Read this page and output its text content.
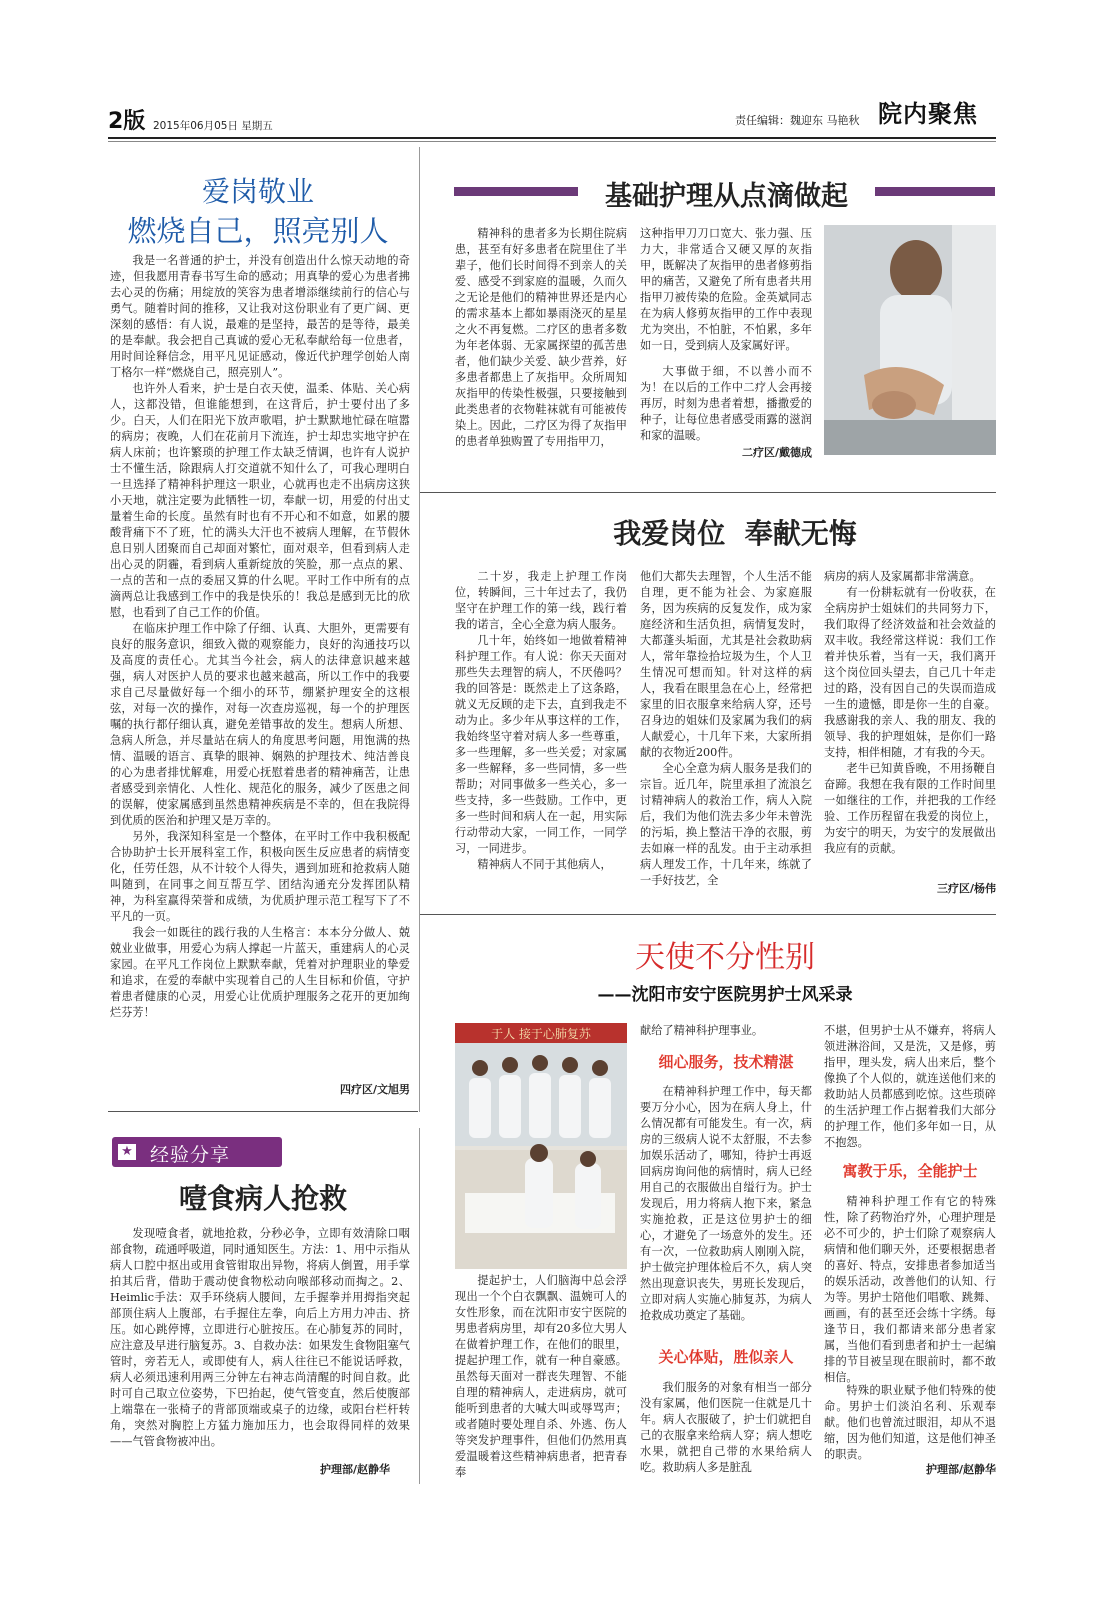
2版 2015年06月05日 星期五	责任编辑：魏迎东 马艳秋 院内聚焦
爱岗敬业
燃烧自己，照亮别人

我是一名普通的护士，并没有创造出什么惊天动地的奇迹，但我愿用青春书写生命的感动；用真挚的爱心为患者拂去心灵的伤痛；用绽放的笑容为患者增添继续前行的信心与勇气。随着时间的推移，又让我对这份职业有了更广阔、更深刻的感悟：有人说，最难的是坚持，最苦的是等待，最美的是奉献。我会把自己真诚的爱心无私奉献给每一位患者，用时间诠释信念，用平凡见证感动，像近代护理学创始人南丁格尔一样“燃烧自己，照亮别人”。

也许外人看来，护士是白衣天使，温柔、体贴、关心病人，这都没错，但谁能想到，在这背后，护士要付出了多少。白天，人们在阳光下放声歌唱，护士默默地忙碌在喧嚣的病房；夜晚，人们在花前月下流连，护士却忠实地守护在病人床前；也许繁琐的护理工作太缺乏情调，也许有人说护士不懂生活，除跟病人打交道就不知什么了，可我心理明白一旦选择了精神科护理这一职业，心就再也走不出病房这狭小天地，就注定要为此牺牲一切，奉献一切，用爱的付出丈量着生命的长度。虽然有时也有不开心和不如意，如累的腰酸背痛下不了班，忙的满头大汗也不被病人理解，在节假休息日别人团聚而自己却面对繁忙，面对艰辛，但看到病人走出心灵的阴霾，看到病人重新绽放的笑脸，那一点点的累、一点的苦和一点的委屈又算的什么呢。平时工作中所有的点滴两总让我感到工作中的我是快乐的！我总是感到无比的欣慰，也看到了自己工作的价值。

在临床护理工作中除了仔细、认真、大胆外，更需要有良好的服务意识，细致入微的观察能力，良好的沟通技巧以及高度的责任心。尤其当今社会，病人的法律意识越来越强，病人对医护人员的要求也越来越高，所以工作中的我要求自己尽量做好每一个细小的环节，绷紧护理安全的这根弦，对每一次的操作，对每一次查房巡视，每一个的护理医嘱的执行都仔细认真，避免差错事故的发生。想病人所想、急病人所急，并尽量站在病人的角度思考问题，用饱满的热情、温暖的语言、真挚的眼神、娴熟的护理技术、纯洁善良的心为患者排忧解难，用爱心抚慰着患者的精神痛苦，让患者感受到亲情化、人性化、规范化的服务，减少了医患之间的误解，使家属感到虽然患精神疾病是不幸的，但在我院得到优质的医治和护理又是万幸的。

另外，我深知科室是一个整体，在平时工作中我积极配合协助护士长开展科室工作，积极向医生反应患者的病情变化，任劳任怨，从不计较个人得失，遇到加班和抢救病人随叫随到，在同事之间互帮互学、团结沟通充分发挥团队精神，为科室赢得荣誉和成绩，为优质护理示范工程写下了不平凡的一页。

我会一如既往的践行我的人生格言：本本分分做人、兢兢业业做事，用爱心为病人撑起一片蓝天，重建病人的心灵家园。在平凡工作岗位上默默奉献，凭着对护理职业的挚爱和追求，在爱的奉献中实现着自己的人生目标和价值，守护着患者健康的心灵，用爱心让优质护理服务之花开的更加绚烂芬芳！

四疗区/文旭男
基础护理从点滴做起
精神科的患者多为长期住院病患，甚至有好多患者在院里住了半辈子，他们长时间得不到亲人的关爱、感受不到家庭的温暖，久而久之无论是他们的精神世界还是内心的需求基本上都如暴雨浇灭的星星之火不再复燃。二疗区的患者多数为年老体弱、无家属探望的孤苦患者，他们缺少关爱、缺少营养，好多患者都患上了灰指甲。众所周知灰指甲的传染性极强，只要接触到此类患者的衣物鞋袜就有可能被传染上。因此，二疗区为得了灰指甲的患者单独购置了专用指甲刀，
这种指甲刀刀口宽大、张力强、压力大，非常适合又硬又厚的灰指甲，既解决了灰指甲的患者修剪指甲的痛苦，又避免了所有患者共用指甲刀被传染的危险。金英斌同志在为病人修剪灰指甲的工作中表现尤为突出，不怕脏，不怕累，多年如一日，受到病人及家属好评。
大事做于细，不以善小而不为！在以后的工作中二疗人会再接再厉，时刻为患者着想，播撒爱的种子，让每位患者感受雨露的滋润和家的温暖。
二疗区/戴德成
我爱岗位  奉献无悔

二十岁，我走上护理工作岗位，转瞬间，三十年过去了，我仍坚守在护理工作的第一线，践行着我的诺言，全心全意为病人服务。

几十年，始终如一地做着精神科护理工作。有人说：你天天面对那些失去理智的病人，不厌倦吗？我的回答是：既然走上了这条路，就义无反顾的走下去，直到我走不动为止。多少年从事这样的工作，我始终坚守着对病人多一些尊重，多一些理解，多一些关爱；对家属多一些解释，多一些同情，多一些帮助；对同事做多一些关心，多一些支持，多一些鼓励。工作中，更多一些时间和病人在一起，用实际行动带动大家，一同工作，一同学习，一同进步。

精神病人不同于其他病人，

他们大都失去理智，个人生活不能自理，更不能为社会、为家庭服务，因为疾病的反复发作，成为家庭经济和生活负担，病情复发时，大都蓬头垢面，尤其是社会救助病人，常年靠捡拾垃圾为生，个人卫生情况可想而知。针对这样的病人，我看在眼里急在心上，经常把家里的旧衣服拿来给病人穿，还号召身边的姐妹们及家属为我们的病人献爱心，十几年下来，大家所捐献的衣物近200件。

全心全意为病人服务是我们的宗旨。近几年，院里承担了流浪乞讨精神病人的救治工作，病人入院后，我们为他们洗去多少年未曾洗的污垢，换上整洁干净的衣服，剪去如麻一样的乱发。由于主动承担病人理发工作，十几年来，练就了一手好技艺，全

病房的病人及家属都非常满意。

有一份耕耘就有一份收获，在全病房护士姐妹们的共同努力下，我们取得了经济效益和社会效益的双丰收。我经常这样说：我们工作着并快乐着，当有一天，我们离开这个岗位回头望去，自己几十年走过的路，没有因自己的失误而造成一生的遗憾，即是你一生的自豪。我感谢我的亲人、我的朋友、我的领导、我的护理姐妹，是你们一路支持，相伴相随，才有我的今天。

老牛已知黄昏晚，不用扬鞭自奋蹄。我想在我有限的工作时间里一如继往的工作，并把我的工作经验、工作历程留在我爱的岗位上，为安宁的明天，为安宁的发展做出我应有的贡献。

三疗区/杨伟
★ 经验分享
噎食病人抢救
发现噎食者，就地抢救，分秒必争，立即有效清除口咽部食物，疏通呼吸道，同时通知医生。方法：1、用中示指从病人口腔中抠出或用食管钳取出异物，将病人倒置，用手掌拍其后背，借助于震动使食物松动向喉部移动而掏之。2、Heimlic手法：双手环绕病人腰间，左手握拳并用拇指突起部顶住病人上腹部，右手握住左拳，向后上方用力冲击、挤压。如心跳停博，立即进行心脏按压。在心肺复苏的同时，应注意及早进行脑复苏。3、自救办法：如果发生食物阻塞气管时，旁若无人，或即使有人，病人往往已不能说话呼救，病人必须迅速利用两三分钟左右神志尚清醒的时间自救。此时可自己取立位姿势，下巴抬起，使气管变直，然后使腹部上端靠在一张椅子的背部顶端或桌子的边缘，或阳台栏杆转角，突然对胸腔上方猛力施加压力，也会取得同样的效果——气管食物被冲出。
护理部/赵静华
天使不分性别
——沈阳市安宁医院男护士风采录
于人 接于心肺复苏
提起护士，人们脑海中总会浮现出一个个白衣飘飘、温婉可人的女性形象，而在沈阳市安宁医院的男患者病房里，却有20多位大男人在做着护理工作，在他们的眼里，提起护理工作，就有一种自豪感。虽然每天面对一群丧失理智、不能自理的精神病人，走进病房，就可能听到患者的大喊大叫或辱骂声；或者随时要处理自杀、外逃、伤人等突发护理事件，但他们仍然用真爱温暖着这些精神病患者，把青春奉
献给了精神科护理事业。
细心服务，技术精湛
在精神科护理工作中，每天都要万分小心，因为在病人身上，什么情况都有可能发生。有一次，病房的三级病人说不太舒服，不去参加娱乐活动了，哪知，待护士再返回病房询问他的病情时，病人已经用自己的衣服做出自缢行为。护士发现后，用力将病人抱下来，紧急实施抢救，正是这位男护士的细心，才避免了一场意外的发生。还有一次，一位救助病人刚刚入院，护士做完护理体检后不久，病人突然出现意识丧失，男班长发现后，立即对病人实施心肺复苏，为病人抢救成功奠定了基础。
关心体贴，胜似亲人
我们服务的对象有相当一部分没有家属，他们医院一住就是几十年。病人衣服破了，护士们就把自己的衣服拿来给病人穿；病人想吃水果，就把自己带的水果给病人吃。救助病人多是脏乱
不堪，但男护士从不嫌弃，将病人领进淋浴间，又是洗，又是修，剪指甲，理头发，病人出来后，整个像换了个人似的，就连送他们来的救助站人员都感到吃惊。这些琐碎的生活护理工作占据着我们大部分的护理工作，他们多年如一日，从不抱怨。
寓教于乐，全能护士
精神科护理工作有它的特殊性，除了药物治疗外，心理护理是必不可少的，护士们除了观察病人病情和他们聊天外，还要根据患者的喜好、特点，安排患者参加适当的娱乐活动，改善他们的认知、行为等。男护士陪他们唱歌、跳舞、画画，有的甚至还会练十字绣。每逢节日，我们都请来部分患者家属，当他们看到患者和护士一起编排的节目被呈现在眼前时，都不敢相信。
特殊的职业赋予他们特殊的使命。男护士们淡泊名利、乐观奉献。他们也曾流过眼泪，却从不退缩，因为他们知道，这是他们神圣的职责。
护理部/赵静华
